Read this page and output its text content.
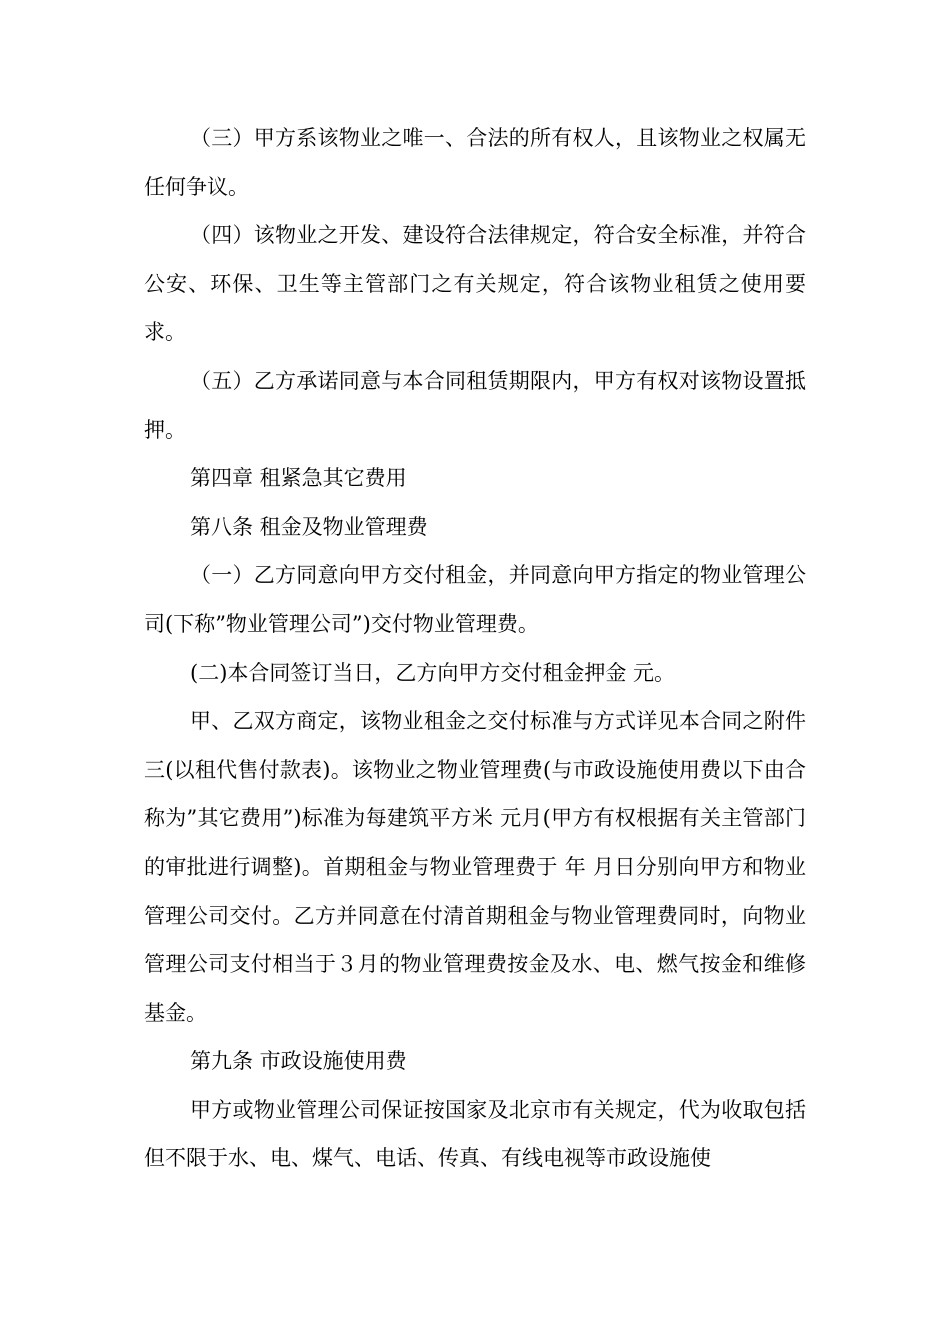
（三）甲方系该物业之唯一、合法的所有权人，且该物业之权属无任何争议。

（四）该物业之开发、建设符合法律规定，符合安全标准，并符合公安、环保、卫生等主管部门之有关规定，符合该物业租赁之使用要求。

（五）乙方承诺同意与本合同租赁期限内，甲方有权对该物设置抵押。

第四章 租紧急其它费用

第八条 租金及物业管理费

（一）乙方同意向甲方交付租金，并同意向甲方指定的物业管理公司(下称”物业管理公司”)交付物业管理费。

(二)本合同签订当日，乙方向甲方交付租金押金 元。

甲、乙双方商定，该物业租金之交付标准与方式详见本合同之附件三(以租代售付款表)。该物业之物业管理费(与市政设施使用费以下由合称为”其它费用”)标准为每建筑平方米 元月(甲方有权根据有关主管部门的审批进行调整)。首期租金与物业管理费于 年 月日分别向甲方和物业管理公司交付。乙方并同意在付清首期租金与物业管理费同时，向物业管理公司支付相当于３月的物业管理费按金及水、电、燃气按金和维修基金。

第九条 市政设施使用费

甲方或物业管理公司保证按国家及北京市有关规定，代为收取包括但不限于水、电、煤气、电话、传真、有线电视等市政设施使
